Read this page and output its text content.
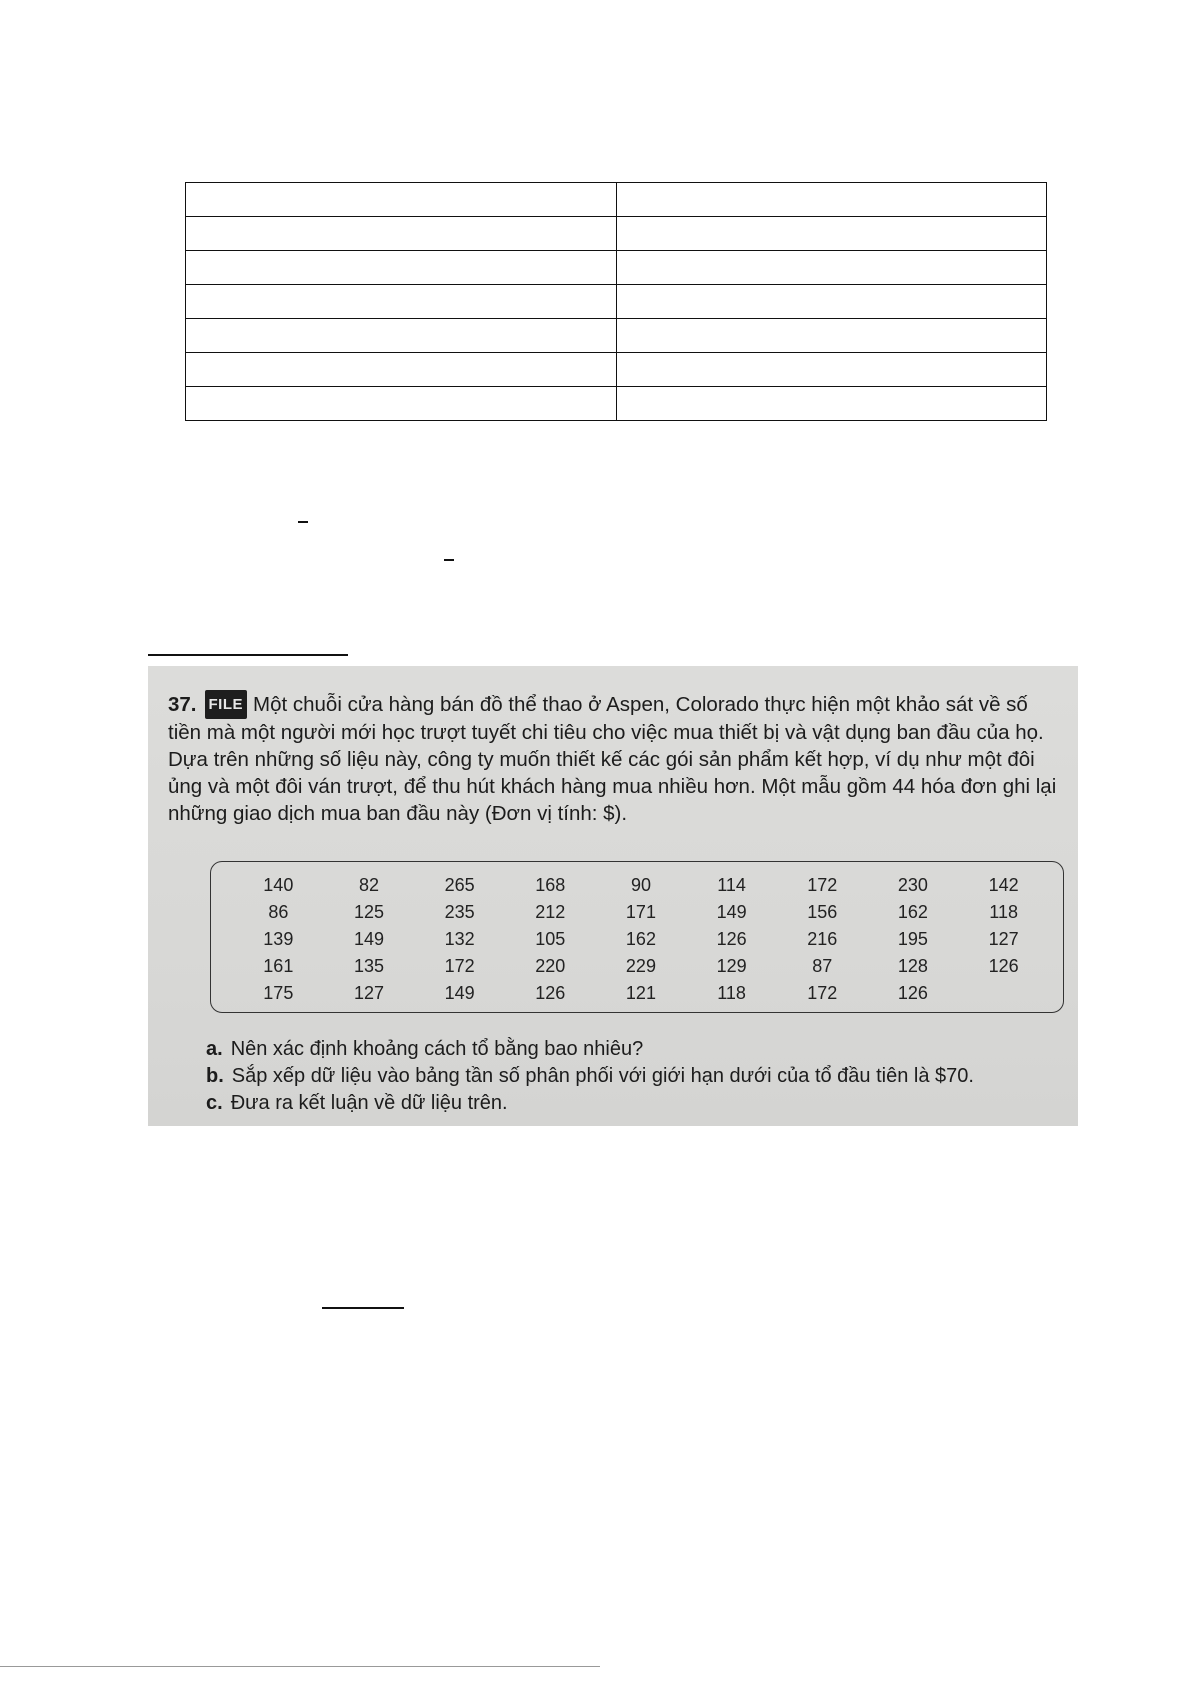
37. FILE Một chuỗi cửa hàng bán đồ thể thao ở Aspen, Colorado thực hiện một khảo sát về số tiền mà một người mới học trượt tuyết chi tiêu cho việc mua thiết bị và vật dụng ban đầu của họ. Dựa trên những số liệu này, công ty muốn thiết kế các gói sản phẩm kết hợp, ví dụ như một đôi ủng và một đôi ván trượt, để thu hút khách hàng mua nhiều hơn. Một mẫu gồm 44 hóa đơn ghi lại những giao dịch mua ban đầu này (Đơn vị tính: $).
140	82	265	168	90	114	172	230	142
86	125	235	212	171	149	156	162	118
139	149	132	105	162	126	216	195	127
161	135	172	220	229	129	87	128	126
175	127	149	126	121	118	172	126	
a. Nên xác định khoảng cách tổ bằng bao nhiêu?
b. Sắp xếp dữ liệu vào bảng tần số phân phối với giới hạn dưới của tổ đầu tiên là $70.
c. Đưa ra kết luận về dữ liệu trên.
